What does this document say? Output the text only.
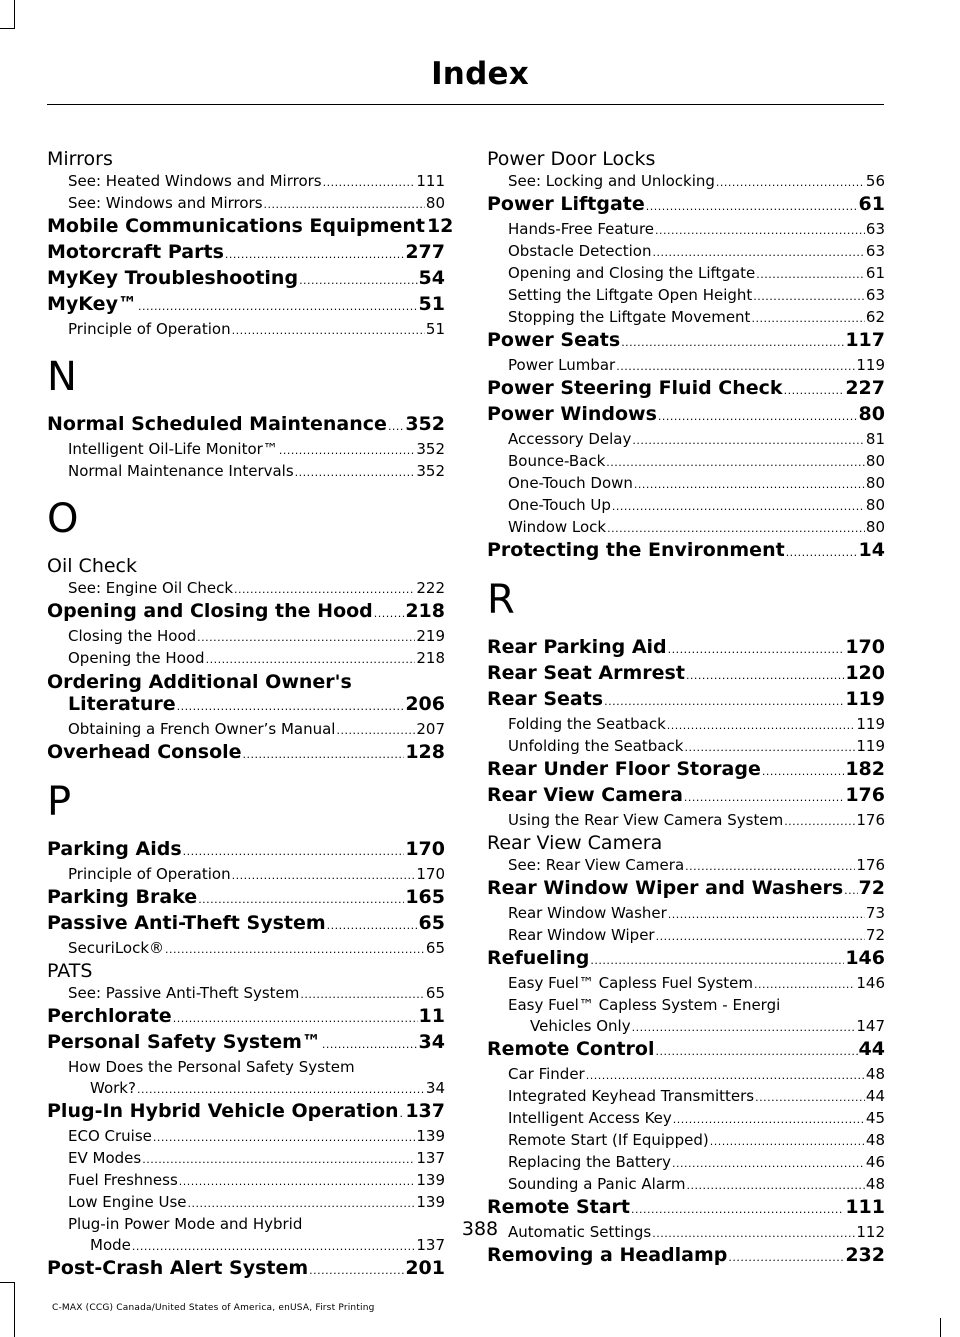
Index
Mirrors
See: Heated Windows and Mirrors .....	111
See: Windows and Mirrors .....	80
Mobile Communications Equipment 12
Motorcraft Parts .....	277
MyKey Troubleshooting .....	54
MyKey™ .....	51
Principle of Operation .....	51
N
Normal Scheduled Maintenance ..... 352
Intelligent Oil-Life Monitor™ .....	352
Normal Maintenance Intervals .....	352
O
Oil Check
See: Engine Oil Check .....	222
Opening and Closing the Hood ..... 218
Closing the Hood .....	219
Opening the Hood .....	218
Ordering Additional Owner's
Literature .....	206
Obtaining a French Owner’s Manual .....	207
Overhead Console .....	128
P
Parking Aids .....	170
Principle of Operation .....	170
Parking Brake .....	165
Passive Anti-Theft System .....	65
SecuriLock® .....	65
PATS
See: Passive Anti-Theft System .....	65
Perchlorate .....	11
Personal Safety System™ .....	34
How Does the Personal Safety System
Work? .....	34
Plug-In Hybrid Vehicle Operation ..... 137
ECO Cruise .....	139
EV Modes .....	137
Fuel Freshness .....	139
Low Engine Use .....	139
Plug-in Power Mode and Hybrid
Mode .....	137
Post-Crash Alert System .....	201
Power Door Locks
See: Locking and Unlocking .....	56
Power Liftgate .....	61
Hands-Free Feature .....	63
Obstacle Detection .....	63
Opening and Closing the Liftgate .....	61
Setting the Liftgate Open Height .....	63
Stopping the Liftgate Movement .....	62
Power Seats .....	117
Power Lumbar .....	119
Power Steering Fluid Check .....	227
Power Windows .....	80
Accessory Delay .....	81
Bounce-Back .....	80
One-Touch Down .....	80
One-Touch Up .....	80
Window Lock .....	80
Protecting the Environment .....	14
R
Rear Parking Aid .....	170
Rear Seat Armrest .....	120
Rear Seats .....	119
Folding the Seatback .....	119
Unfolding the Seatback .....	119
Rear Under Floor Storage .....	182
Rear View Camera .....	176
Using the Rear View Camera System .....	176
Rear View Camera
See: Rear View Camera .....	176
Rear Window Wiper and Washers ..... 72
Rear Window Washer .....	73
Rear Window Wiper .....	72
Refueling .....	146
Easy Fuel™ Capless Fuel System .....	146
Easy Fuel™ Capless System - Energi
Vehicles Only .....	147
Remote Control .....	44
Car Finder .....	48
Integrated Keyhead Transmitters .....	44
Intelligent Access Key .....	45
Remote Start (If Equipped) .....	48
Replacing the Battery .....	46
Sounding a Panic Alarm .....	48
Remote Start .....	111
Automatic Settings .....	112
Removing a Headlamp .....	232
388
C-MAX (CCG) Canada/United States of America, enUSA, First Printing
